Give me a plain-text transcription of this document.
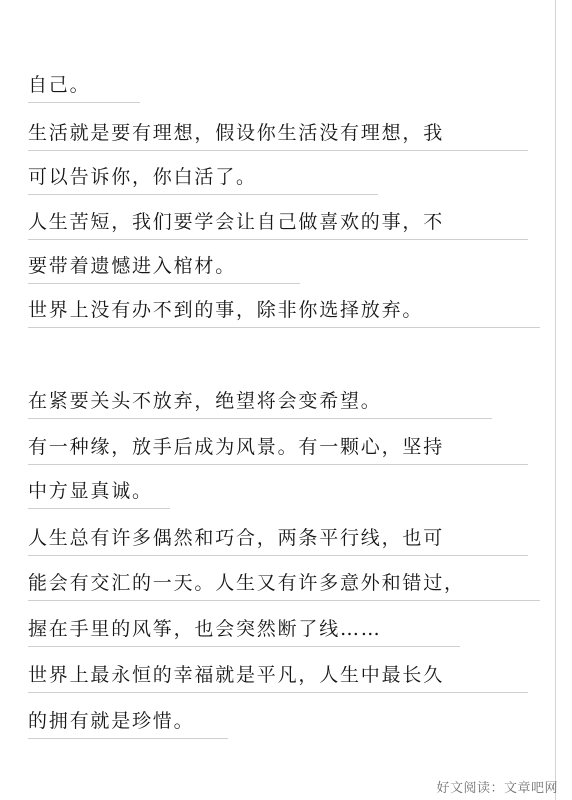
自己。
生活就是要有理想，假设你生活没有理想，我
可以告诉你，你白活了。
人生苦短，我们要学会让自己做喜欢的事，不
要带着遗憾进入棺材。
世界上没有办不到的事，除非你选择放弃。
在紧要关头不放弃，绝望将会变希望。
有一种缘，放手后成为风景。有一颗心，坚持
中方显真诚。
人生总有许多偶然和巧合，两条平行线，也可
能会有交汇的一天。人生又有许多意外和错过，
握在手里的风筝，也会突然断了线……
世界上最永恒的幸福就是平凡，人生中最长久
的拥有就是珍惜。
好文阅读：文章吧网
